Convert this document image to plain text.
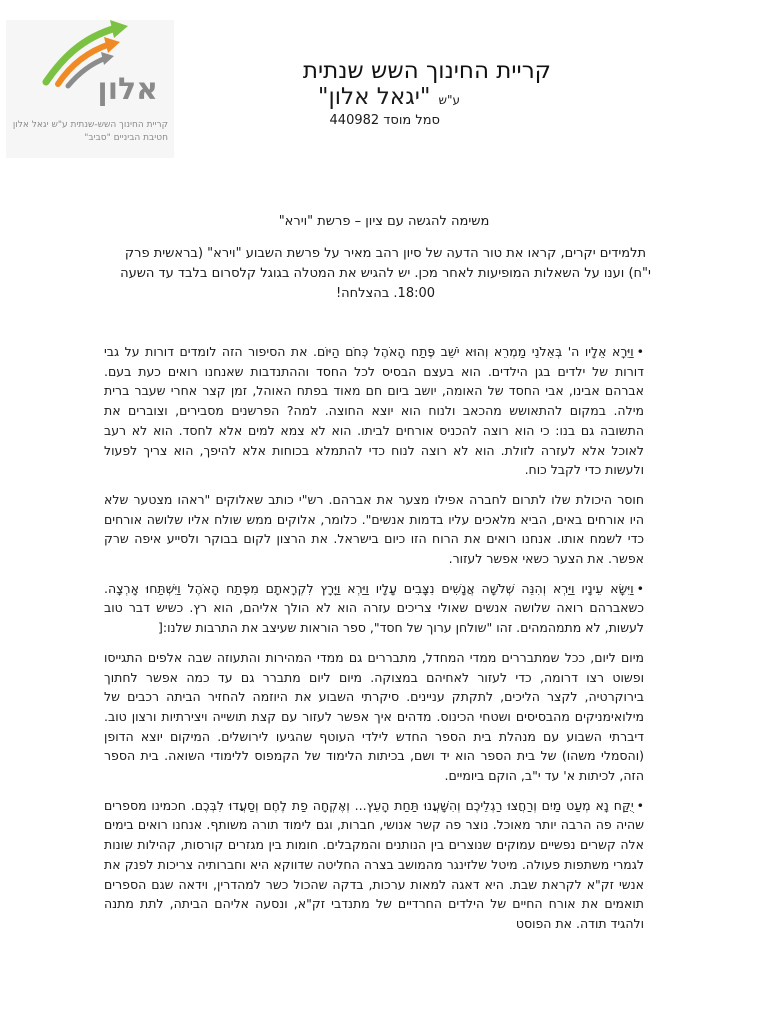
אלון
קריית החינוך השש-שנתית ע"ש יגאל אלון
חטיבת הביניים "סביב"
קריית החינוך השש שנתית
ע"ש
"יגאל אלון"
סמל מוסד 440982
משימה להגשה עם ציון – פרשת "וירא"
תלמידים יקרים, קראו את טור הדעה של סיון רהב מאיר על פרשת השבוע "וירא" (בראשית פרק י"ח) וענו על השאלות המופיעות לאחר מכן. יש להגיש את המטלה בגוגל קלסרום בלבד עד השעה 18:00. בהצלחה!

•וַיֵּרָא אֵלָיו ה' בְּאֵלֹנֵי מַמְרֵא וְהוּא יֹשֵׁב פֶּתַח הָאֹהֶל כְּחֹם הַיּוֹם. את הסיפור הזה לומדים דורות על גבי דורות של ילדים בגן הילדים. הוא בעצם הבסיס לכל החסד וההתנדבות שאנחנו רואים כעת בעם. אברהם אבינו, אבי החסד של האומה, יושב ביום חם מאוד בפתח האוהל, זמן קצר אחרי שעבר ברית מילה. במקום להתאושש מהכאב ולנוח הוא יוצא החוצה. למה? הפרשנים מסבירים, וצוברים את התשובה גם בנו: כי הוא רוצה להכניס אורחים לביתו. הוא לא צמא למים אלא לחסד. הוא לא רעב לאוכל אלא לעזרה לזולת. הוא לא רוצה לנוח כדי להתמלא בכוחות אלא להיפך, הוא צריך לפעול ולעשות כדי לקבל כוח.

חוסר היכולת שלו לתרום לחברה אפילו מצער את אברהם. רש"י כותב שאלוקים "ראהו מצטער שלא היו אורחים באים, הביא מלאכים עליו בדמות אנשים". כלומר, אלוקים ממש שולח אליו שלושה אורחים כדי לשמח אותו. אנחנו רואים את הרוח הזו כיום בישראל. את הרצון לקום בבוקר ולסייע איפה שרק אפשר. את הצער כשאי אפשר לעזור.

•וַיִּשָּׂא עֵינָיו וַיַּרְא וְהִנֵּה שְׁלֹשָׁה אֲנָשִׁים נִצָּבִים עָלָיו וַיַּרְא וַיָּרָץ לִקְרָאתָם מִפֶּתַח הָאֹהֶל וַיִּשְׁתַּחוּ אָרְצָה. כשאברהם רואה שלושה אנשים שאולי צריכים עזרה הוא לא הולך אליהם, הוא רץ. כשיש דבר טוב לעשות, לא מתמהמהים. זהו "שולחן ערוך של חסד", ספר הוראות שעיצב את התרבות שלנו:[

מיום ליום, ככל שמתבררים ממדי המחדל, מתבררים גם ממדי המהירות והתעוזה שבה אלפים התגייסו ופשוט רצו דרומה, כדי לעזור לאחיהם במצוקה. מיום ליום מתברר גם עד כמה אפשר לחתוך בירוקרטיה, לקצר הליכים, לתקתק עניינים. סיקרתי השבוע את היוזמה להחזיר הביתה רכבים של מילואימניקים מהבסיסים ושטחי הכינוס. מדהים איך אפשר לעזור עם קצת תושייה ויצירתיות ורצון טוב. דיברתי השבוע עם מנהלת בית הספר החדש לילדי העוטף שהגיעו לירושלים. המיקום יוצא הדופן (והסמלי משהו) של בית הספר הוא יד ושם, בכיתות הלימוד של הקמפוס ללימודי השואה. בית הספר הזה, לכיתות א' עד י"ב, הוקם ביומיים.

•יֻקַּח נָא מְעַט מַיִם וְרַחֲצוּ רַגְלֵיכֶם וְהִשָּׁעֲנוּ תַּחַת הָעֵץ... וְאֶקְחָה פַת לֶחֶם וְסַעֲדוּ לִבְּכֶם. חכמינו מספרים שהיה פה הרבה יותר מאוכל. נוצר פה קשר אנושי, חברות, וגם לימוד תורה משותף. אנחנו רואים בימים אלה קשרים נפשיים עמוקים שנוצרים בין הנותנים והמקבלים. חומות בין מגזרים קורסות, קהילות שונות לגמרי משתפות פעולה. מיטל שלזינגר מהמושב בצרה החליטה שדווקא היא וחברותיה צריכות לפנק את אנשי זק"א לקראת שבת. היא דאגה למאות ערכות, בדקה שהכול כשר למהדרין, וידאה שגם הספרים תואמים את אורח החיים של הילדים החרדיים של מתנדבי זק"א, ונסעה אליהם הביתה, לתת מתנה ולהגיד תודה. את הפוסט
